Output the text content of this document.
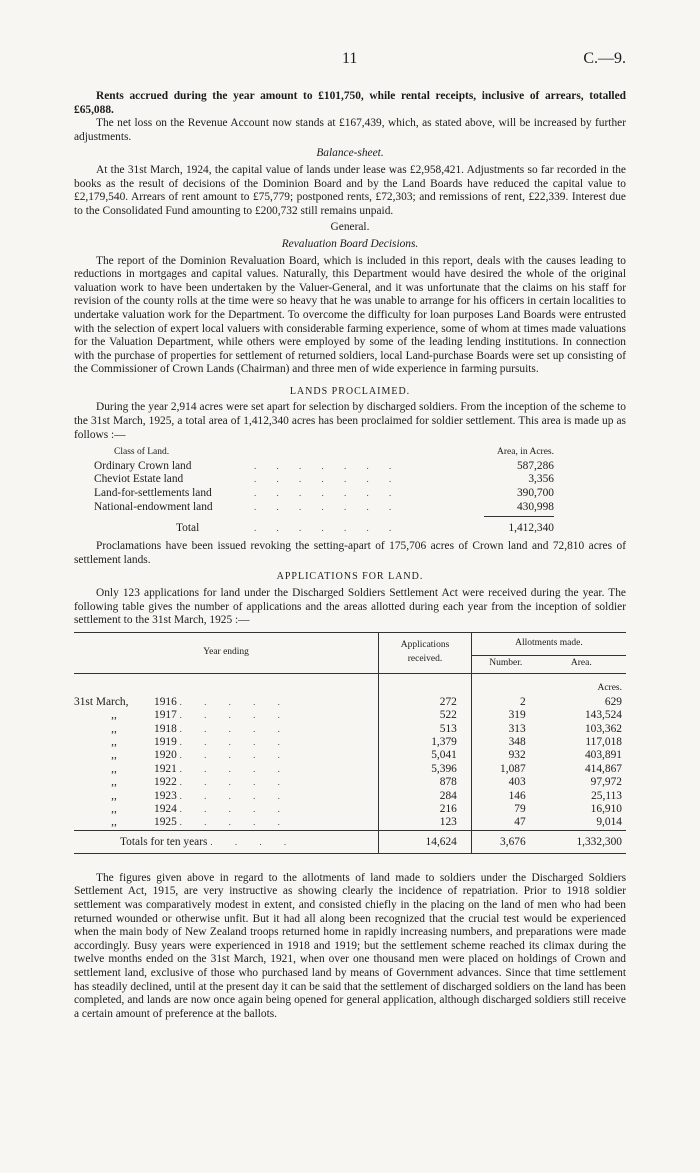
11	C.—9.

Rents accrued during the year amount to £101,750, while rental receipts, inclusive of arrears, totalled £65,088.

The net loss on the Revenue Account now stands at £167,439, which, as stated above, will be increased by further adjustments.

Balance-sheet.

At the 31st March, 1924, the capital value of lands under lease was £2,958,421. Adjustments so far recorded in the books as the result of decisions of the Dominion Board and by the Land Boards have reduced the capital value to £2,179,540. Arrears of rent amount to £75,779; postponed rents, £72,303; and remissions of rent, £22,339. Interest due to the Consolidated Fund amounting to £200,732 still remains unpaid.

General.
Revaluation Board Decisions.

The report of the Dominion Revaluation Board, which is included in this report, deals with the causes leading to reductions in mortgages and capital values. Naturally, this Department would have desired the whole of the original valuation work to have been undertaken by the Valuer-General, and it was unfortunate that the claims on his staff for revision of the county rolls at the time were so heavy that he was unable to arrange for his officers in certain localities to undertake valuation work for the Department. To overcome the difficulty for loan purposes Land Boards were entrusted with the selection of expert local valuers with considerable farming experience, some of whom at times made valuations for the Valuation Department, while others were employed by some of the leading lending institutions. In connection with the purchase of properties for settlement of returned soldiers, local Land-purchase Boards were set up consisting of the Commissioner of Crown Lands (Chairman) and three men of wide experience in farming pursuits.

LANDS PROCLAIMED.

During the year 2,914 acres were set apart for selection by discharged soldiers. From the inception of the scheme to the 31st March, 1925, a total area of 1,412,340 acres has been proclaimed for soldier settlement. This area is made up as follows :—

Class of Land.	Area, in Acres.
Ordinary Crown land	. . . . . . .	587,286
Cheviot Estate land	. . . . . . .	3,356
Land-for-settlements land	. . . . . . .	390,700
National-endowment land	. . . . . . .	430,998
Total	. . . . . . .	1,412,340

Proclamations have been issued revoking the setting-apart of 175,706 acres of Crown land and 72,810 acres of settlement lands.

APPLICATIONS FOR LAND.

Only 123 applications for land under the Discharged Soldiers Settlement Act were received during the year. The following table gives the number of applications and the areas allotted during each year from the inception of soldier settlement to the 31st March, 1925 :—

Year ending	Applications received.	Allotments made.	
		Number.	Area.
			Acres.
31st March, 1916 . . . . .	272	2	629
,, 1917 . . . . .	522	319	143,524
,, 1918 . . . . .	513	313	103,362
,, 1919 . . . . .	1,379	348	117,018
,, 1920 . . . . .	5,041	932	403,891
,, 1921 . . . . .	5,396	1,087	414,867
,, 1922 . . . . .	878	403	97,972
,, 1923 . . . . .	284	146	25,113
,, 1924 . . . . .	216	79	16,910
,, 1925 . . . . .	123	47	9,014
Totals for ten years . . . .	14,624	3,676	1,332,300

The figures given above in regard to the allotments of land made to soldiers under the Discharged Soldiers Settlement Act, 1915, are very instructive as showing clearly the incidence of repatriation. Prior to 1918 soldier settlement was comparatively modest in extent, and consisted chiefly in the placing on the land of men who had been returned wounded or otherwise unfit. But it had all along been recognized that the crucial test would be experienced when the main body of New Zealand troops returned home in rapidly increasing numbers, and preparations were made accordingly. Busy years were experienced in 1918 and 1919; but the settlement scheme reached its climax during the twelve months ended on the 31st March, 1921, when over one thousand men were placed on holdings of Crown and settlement land, exclusive of those who purchased land by means of Government advances. Since that time settlement has steadily declined, until at the present day it can be said that the settlement of discharged soldiers on the land has been completed, and lands are now once again being opened for general application, although discharged soldiers still receive a certain amount of preference at the ballots.
